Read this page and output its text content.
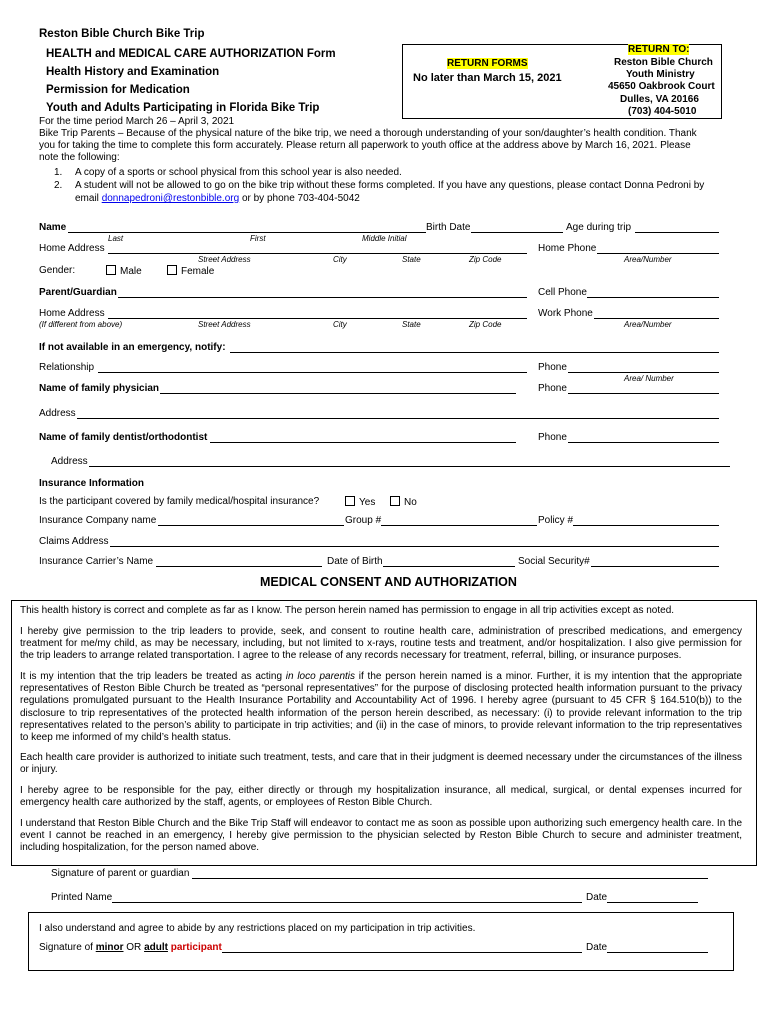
Reston Bible Church Bike Trip
HEALTH and MEDICAL CARE AUTHORIZATION Form
Health History and Examination
Permission for Medication
Youth and Adults Participating in Florida Bike Trip
RETURN FORMS
No later than March 15, 2021
RETURN TO:
Reston Bible Church
Youth Ministry
45650 Oakbrook Court
Dulles, VA 20166
(703) 404-5010
For the time period March 26 – April 3, 2021
Bike Trip Parents – Because of the physical nature of the bike trip, we need a thorough understanding of your son/daughter’s health condition. Thank
you for taking the time to complete this form accurately. Please return all paperwork to youth office at the address above by March 16, 2021. Please
note the following:
1. A copy of a sports or school physical from this school year is also needed.
2. A student will not be allowed to go on the bike trip without these forms completed. If you have any questions, please contact Donna Pedroni by
email donnapedroni@restonbible.org or by phone 703-404-5042
Name
Last	First	Middle Initial
Birth Date	Age during trip
Home Address
Street Address	City	State	Zip Code
Home Phone
Area/Number
Gender:	Male	Female
Parent/Guardian	Cell Phone
Home Address
(If different from above)	Street Address	City	State	Zip Code
Work Phone
Area/Number
If not available in an emergency, notify:
Relationship	Phone
Area/ Number
Name of family physician	Phone
Address
Name of family dentist/orthodontist	Phone
Address
Insurance Information
Is the participant covered by family medical/hospital insurance?	Yes	No
Insurance Company name	Group #	Policy #
Claims Address
Insurance Carrier’s Name	Date of Birth	Social Security#
MEDICAL CONSENT AND AUTHORIZATION

This health history is correct and complete as far as I know. The person herein named has permission to engage in all trip activities except as noted.

I hereby give permission to the trip leaders to provide, seek, and consent to routine health care, administration of prescribed medications, and emergency treatment for me/my child, as may be necessary, including, but not limited to x-rays, routine tests and treatment, and/or hospitalization. I also give permission for the trip leaders to arrange related transportation. I agree to the release of any records necessary for treatment, referral, billing, or insurance purposes.

It is my intention that the trip leaders be treated as acting in loco parentis if the person herein named is a minor. Further, it is my intention that the appropriate representatives of Reston Bible Church be treated as “personal representatives” for the purpose of disclosing protected health information pursuant to the privacy regulations promulgated pursuant to the Health Insurance Portability and Accountability Act of 1996. I hereby agree (pursuant to 45 CFR § 164.510(b)) to the disclosure to trip representatives of the protected health information of the person herein described, as necessary: (i) to provide relevant information to the trip representatives related to the person’s ability to participate in trip activities; and (ii) in the case of minors, to provide relevant information to the trip representatives to keep me informed of my child’s health status.

Each health care provider is authorized to initiate such treatment, tests, and care that in their judgment is deemed necessary under the circumstances of the illness or injury.

I hereby agree to be responsible for the pay, either directly or through my hospitalization insurance, all medical, surgical, or dental expenses incurred for emergency health care authorized by the staff, agents, or employees of Reston Bible Church.

I understand that Reston Bible Church and the Bike Trip Staff will endeavor to contact me as soon as possible upon authorizing such emergency health care. In the event I cannot be reached in an emergency, I hereby give permission to the physician selected by Reston Bible Church to secure and administer treatment, including hospitalization, for the person named above.

Signature of parent or guardian
Printed Name	Date
I also understand and agree to abide by any restrictions placed on my participation in trip activities.
Signature of minor OR adult participant	Date
